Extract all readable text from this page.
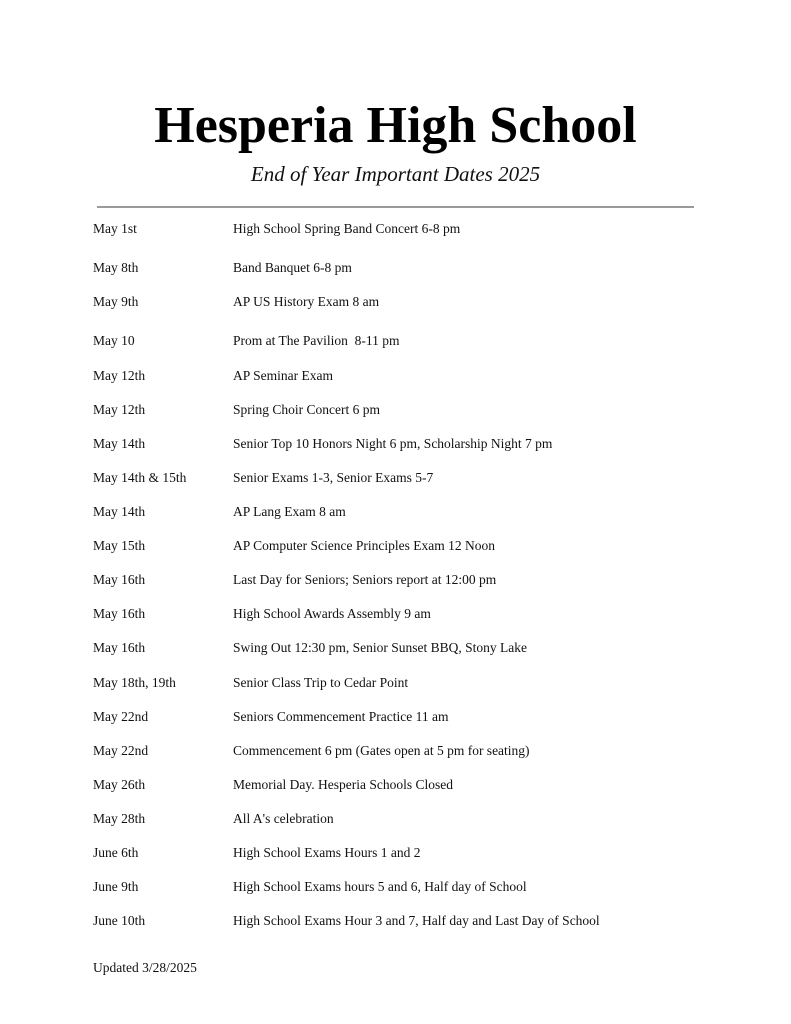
Hesperia High School
End of Year Important Dates 2025
May 1st	High School Spring Band Concert 6-8 pm
May 8th	Band Banquet 6-8 pm
May 9th	AP US History Exam 8 am
May 10	Prom at The Pavilion  8-11 pm
May 12th	AP Seminar Exam
May 12th	Spring Choir Concert 6 pm
May 14th	Senior Top 10 Honors Night 6 pm, Scholarship Night 7 pm
May 14th & 15th	Senior Exams 1-3, Senior Exams 5-7
May 14th	AP Lang Exam 8 am
May 15th	AP Computer Science Principles Exam 12 Noon
May 16th	Last Day for Seniors; Seniors report at 12:00 pm
May 16th	High School Awards Assembly 9 am
May 16th	Swing Out 12:30 pm, Senior Sunset BBQ, Stony Lake
May 18th, 19th	Senior Class Trip to Cedar Point
May 22nd	Seniors Commencement Practice 11 am
May 22nd	Commencement 6 pm (Gates open at 5 pm for seating)
May 26th	Memorial Day. Hesperia Schools Closed
May 28th	All A's celebration
June 6th	High School Exams Hours 1 and 2
June 9th	High School Exams hours 5 and 6, Half day of School
June 10th	High School Exams Hour 3 and 7, Half day and Last Day of School
Updated 3/28/2025
